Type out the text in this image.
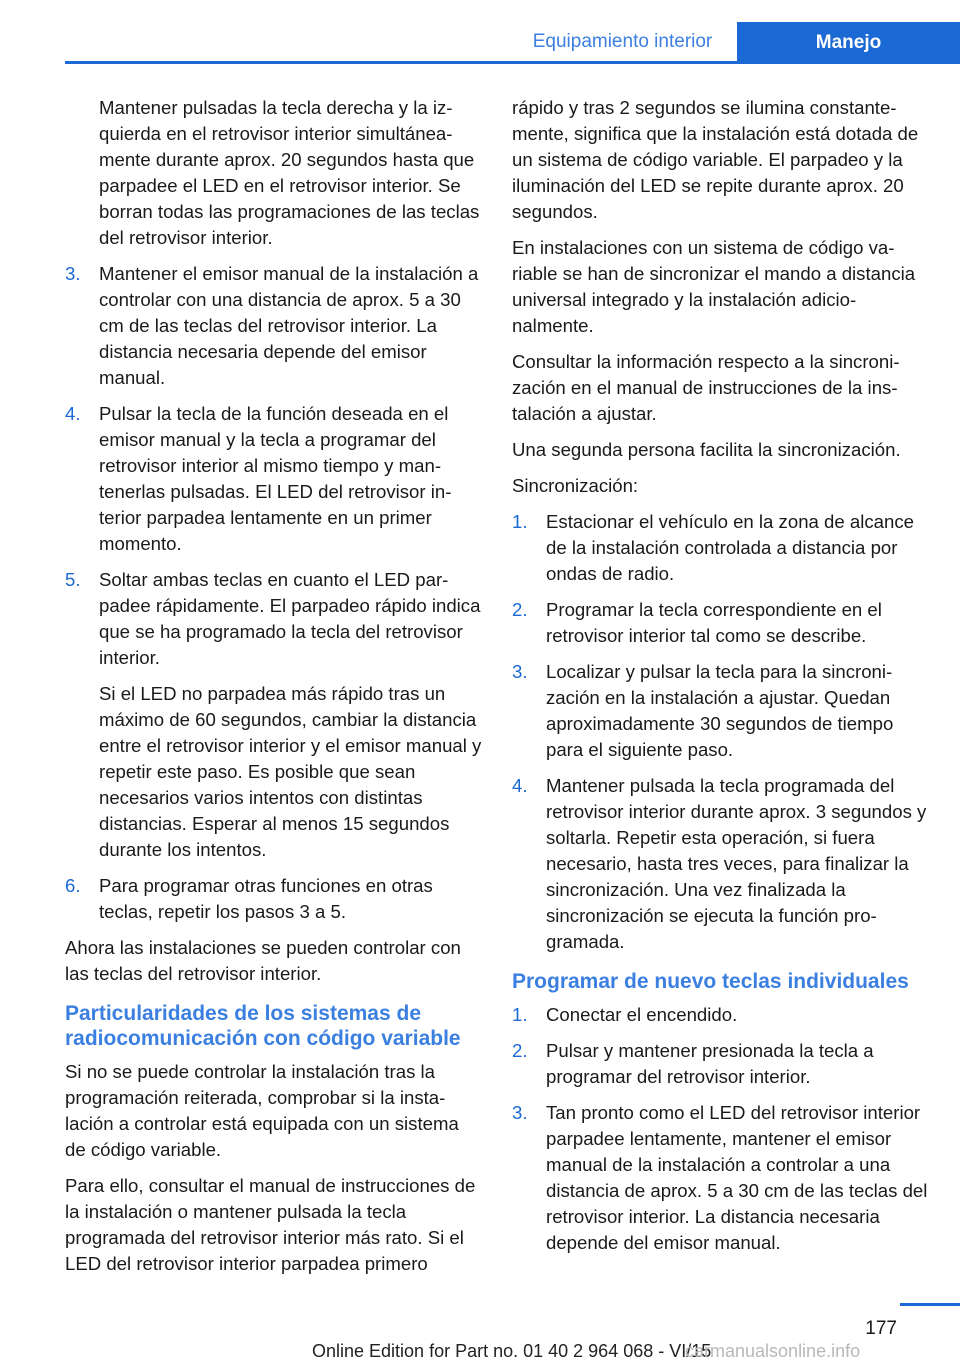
Equipamiento interior	Manejo

Mantener pulsadas la tecla derecha y la izquierda en el retrovisor interior simultáneamente durante aprox. 20 segundos hasta que parpadee el LED en el retrovisor interior. Se borran todas las programaciones de las teclas del retrovisor interior.

3. Mantener el emisor manual de la instalación a controlar con una distancia de aprox. 5 a 30 cm de las teclas del retrovisor interior. La distancia necesaria depende del emisor manual.
4. Pulsar la tecla de la función deseada en el emisor manual y la tecla a programar del retrovisor interior al mismo tiempo y mantenerlas pulsadas. El LED del retrovisor interior parpadea lentamente en un primer momento.
5. Soltar ambas teclas en cuanto el LED parpadee rápidamente. El parpadeo rápido indica que se ha programado la tecla del retrovisor interior.
Si el LED no parpadea más rápido tras un máximo de 60 segundos, cambiar la distancia entre el retrovisor interior y el emisor manual y repetir este paso. Es posible que sean necesarios varios intentos con distintas distancias. Esperar al menos 15 segundos durante los intentos.
6. Para programar otras funciones en otras teclas, repetir los pasos 3 a 5.

Ahora las instalaciones se pueden controlar con las teclas del retrovisor interior.

Particularidades de los sistemas de radiocomunicación con código variable

Si no se puede controlar la instalación tras la programación reiterada, comprobar si la instalación a controlar está equipada con un sistema de código variable.

Para ello, consultar el manual de instrucciones de la instalación o mantener pulsada la tecla programada del retrovisor interior más rato. Si el LED del retrovisor interior parpadea primero

rápido y tras 2 segundos se ilumina constantemente, significa que la instalación está dotada de un sistema de código variable. El parpadeo y la iluminación del LED se repite durante aprox. 20 segundos.

En instalaciones con un sistema de código variable se han de sincronizar el mando a distancia universal integrado y la instalación adicionalmente.

Consultar la información respecto a la sincronización en el manual de instrucciones de la instalación a ajustar.

Una segunda persona facilita la sincronización.

Sincronización:

1. Estacionar el vehículo en la zona de alcance de la instalación controlada a distancia por ondas de radio.
2. Programar la tecla correspondiente en el retrovisor interior tal como se describe.
3. Localizar y pulsar la tecla para la sincronización en la instalación a ajustar. Quedan aproximadamente 30 segundos de tiempo para el siguiente paso.
4. Mantener pulsada la tecla programada del retrovisor interior durante aprox. 3 segundos y soltarla. Repetir esta operación, si fuera necesario, hasta tres veces, para finalizar la sincronización. Una vez finalizada la sincronización se ejecuta la función programada.
Programar de nuevo teclas individuales
1. Conectar el encendido.
2. Pulsar y mantener presionada la tecla a programar del retrovisor interior.
3. Tan pronto como el LED del retrovisor interior parpadee lentamente, mantener el emisor manual de la instalación a controlar a una distancia de aprox. 5 a 30 cm de las teclas del retrovisor interior. La distancia necesaria depende del emisor manual.
177
Online Edition for Part no. 01 40 2 964 068 - VI/15
carmanualsonline.info
